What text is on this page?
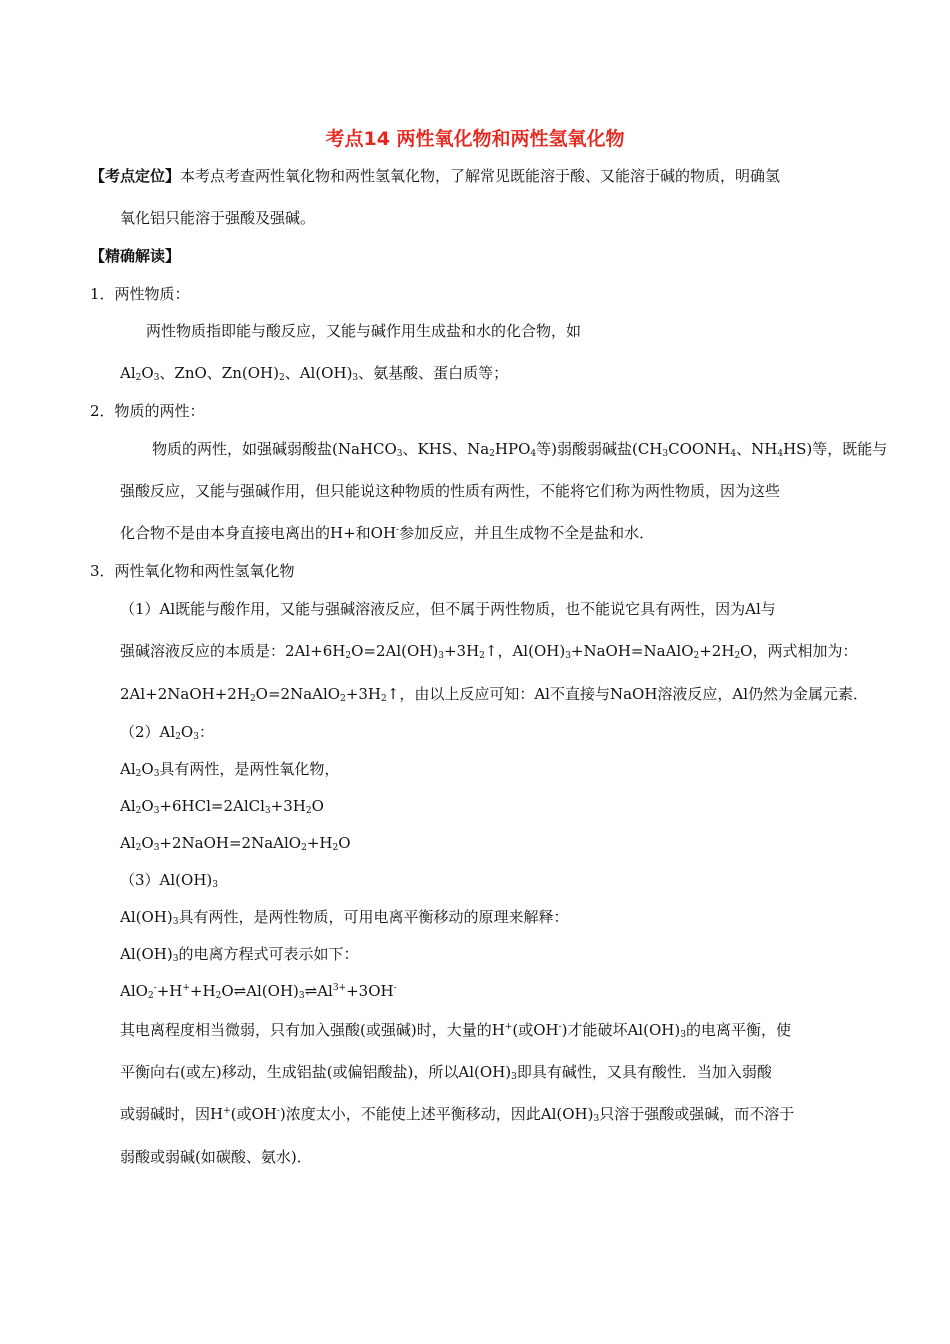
考点14 两性氧化物和两性氢氧化物
【考点定位】本考点考查两性氧化物和两性氢氧化物，了解常见既能溶于酸、又能溶于碱的物质，明确氢
氧化铝只能溶于强酸及强碱。
【精确解读】
1．两性物质：
两性物质指即能与酸反应，又能与碱作用生成盐和水的化合物，如
$Al_2O_3$、ZnO、$Zn(OH)_2$、$Al(OH)_3$、氨基酸、蛋白质等；
2．物质的两性：
物质的两性，如强碱弱酸盐(NaHCO$_3$、KHS、$Na_2HPO_4$等)弱酸弱碱盐($CH_3COONH_4$、$NH_4HS$)等，既能与
强酸反应，又能与强碱作用，但只能说这种物质的性质有两性，不能将它们称为两性物质，因为这些
化合物不是由本身直接电离出的H+和OH-参加反应，并且生成物不全是盐和水．
3．两性氧化物和两性氢氧化物
（1）Al既能与酸作用，又能与强碱溶液反应，但不属于两性物质，也不能说它具有两性，因为Al与
强碱溶液反应的本质是：$2Al+6H_2O=2Al(OH)_3+3H_2↑$，$Al(OH)_3+NaOH=NaAlO_2+2H_2O$，两式相加为：
$2Al+2NaOH+2H_2O=2NaAlO_2+3H_2↑$，由以上反应可知：Al不直接与NaOH溶液反应，Al仍然为金属元素．
$(2)Al_2O_3$：
$Al_2O_3$具有两性，是两性氧化物，
$Al_2O_3+6HCl=2AlCl_3+3H_2O$
$Al_2O_3+2NaOH=2NaAlO_2+H_2O$
$(3)Al(OH)_3$
$Al(OH)_3$具有两性，是两性物质，可用电离平衡移动的原理来解释：
$Al(OH)_3$的电离方程式可表示如下：
$AlO_2^-+H^++H_2O\rightleftharpoons Al(OH)_3\rightleftharpoons Al^{3+}+3OH^-$
其电离程度相当微弱，只有加入强酸(或强碱)时，大量的H+(或OH-)才能破坏$Al(OH)_3$的电离平衡，使
平衡向右(或左)移动，生成铝盐(或偏铝酸盐)，所以$Al(OH)_3$即具有碱性，又具有酸性．当加入弱酸
或弱碱时，因H+(或OH-)浓度太小，不能使上述平衡移动，因此$Al(OH)_3$只溶于强酸或强碱，而不溶于
弱酸或弱碱(如碳酸、氨水)．
